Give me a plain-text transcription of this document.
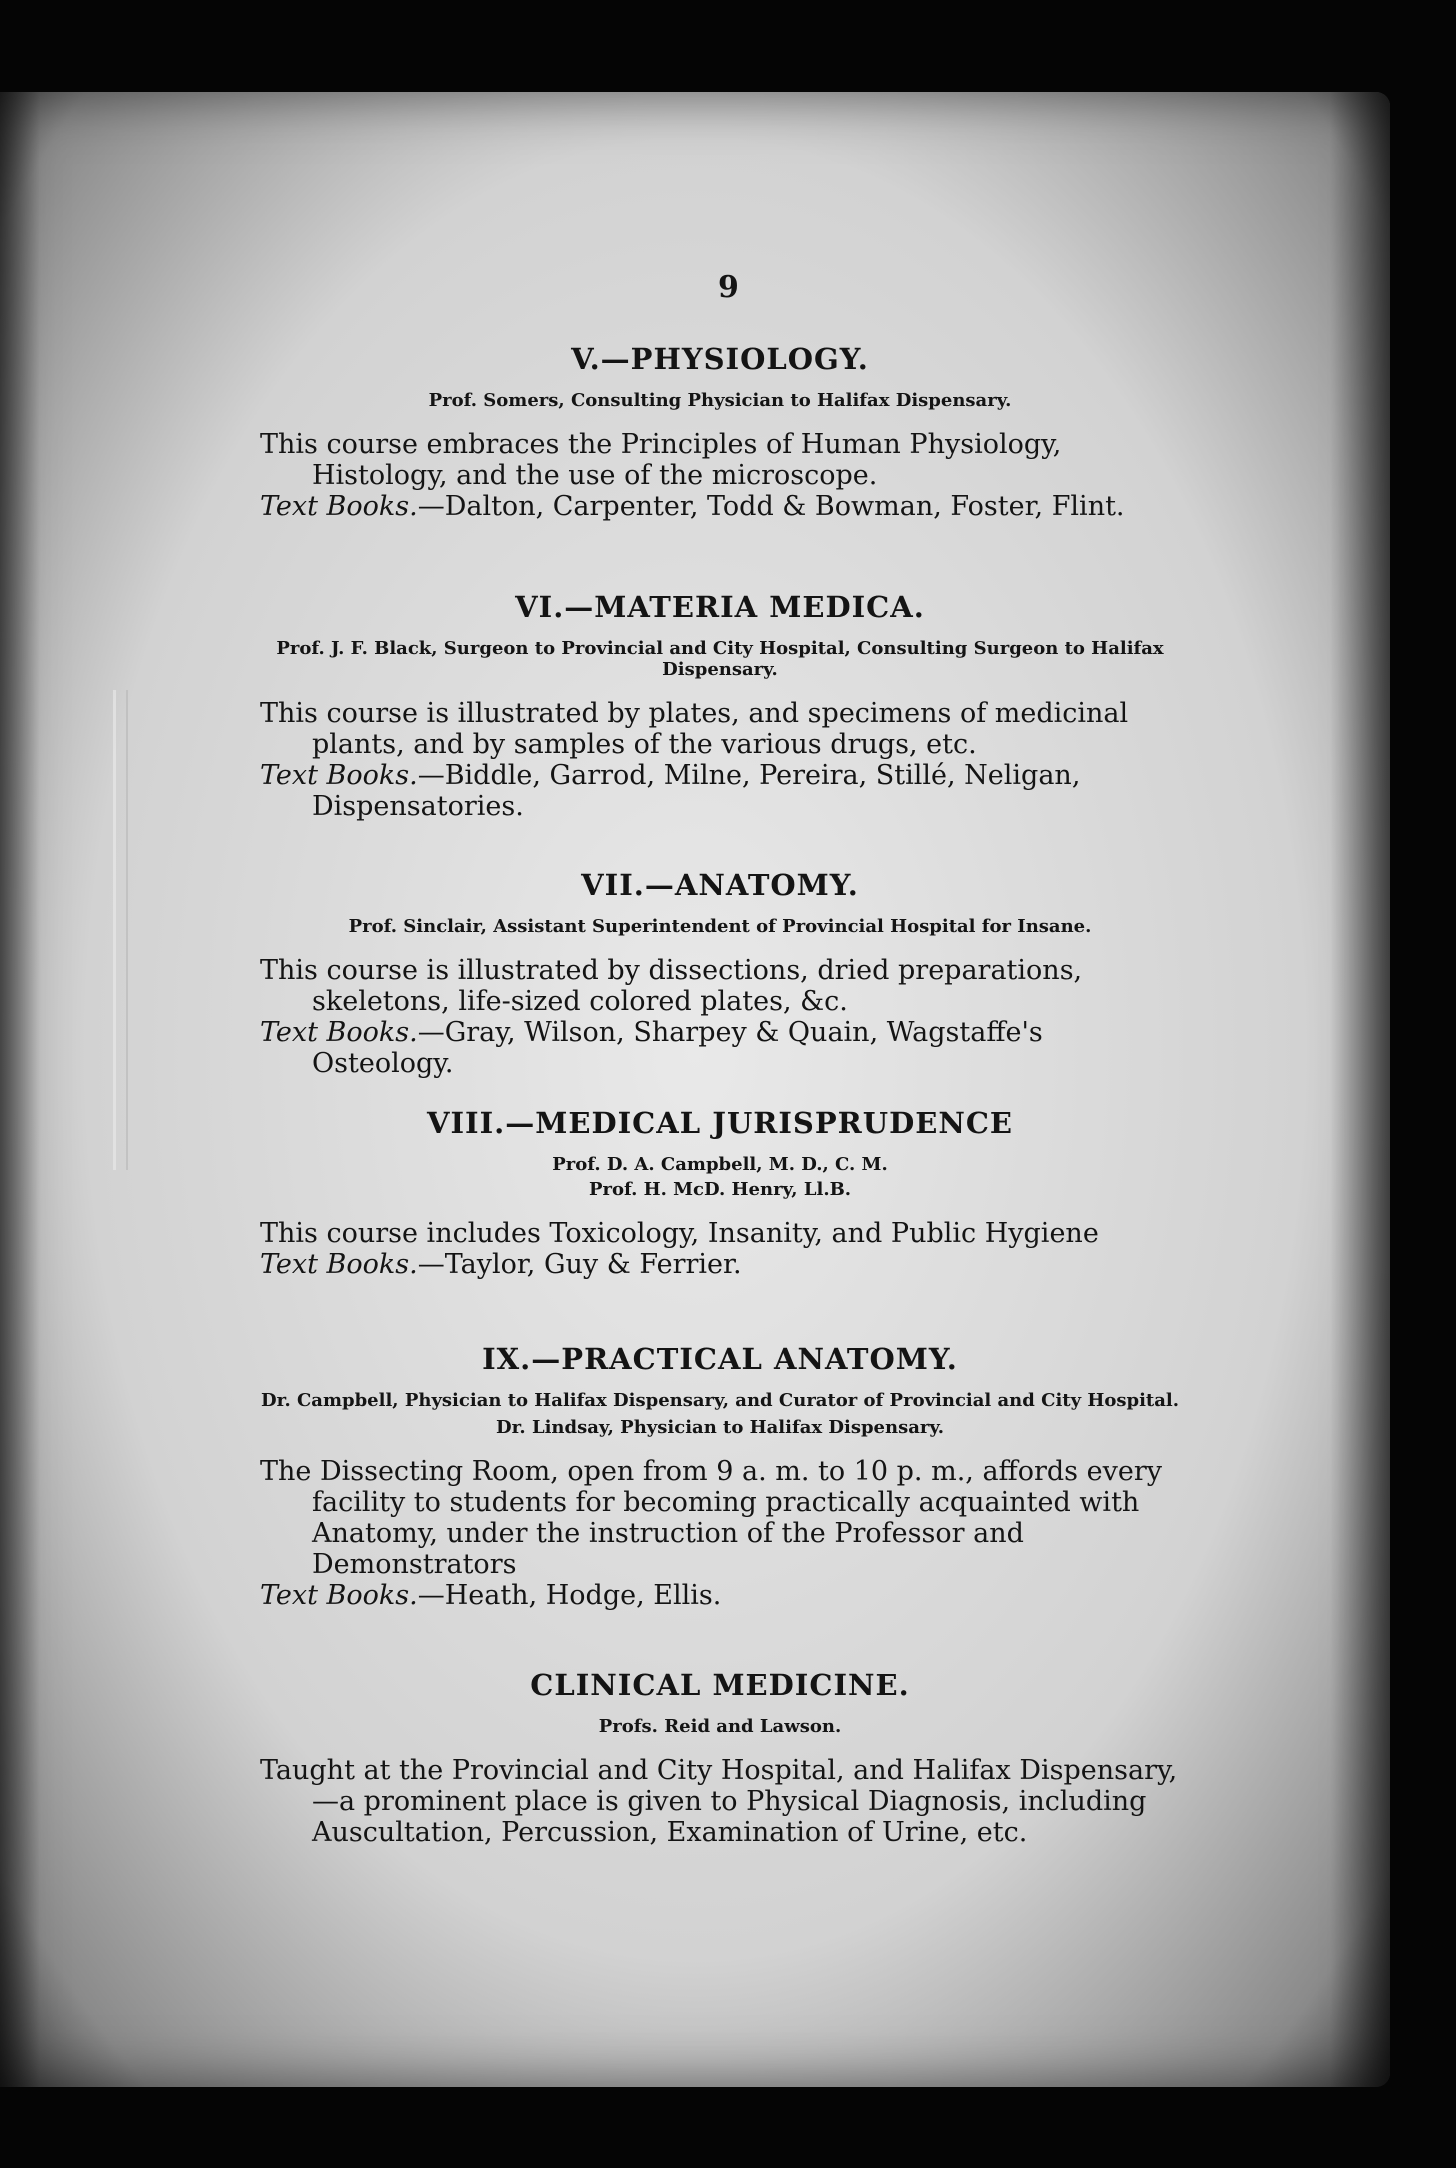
9
V.—PHYSIOLOGY.

Prof. Somers, Consulting Physician to Halifax Dispensary.

This course embraces the Principles of Human Physiology, Histology, and the use of the microscope.

Text Books.—Dalton, Carpenter, Todd & Bowman, Foster, Flint.

VI.—MATERIA MEDICA.

Prof. J. F. Black, Surgeon to Provincial and City Hospital, Consulting Surgeon to Halifax Dispensary.

This course is illustrated by plates, and specimens of medicinal plants, and by samples of the various drugs, etc.

Text Books.—Biddle, Garrod, Milne, Pereira, Stillé, Neligan, Dispensatories.

VII.—ANATOMY.

Prof. Sinclair, Assistant Superintendent of Provincial Hospital for Insane.

This course is illustrated by dissections, dried preparations, skeletons, life-sized colored plates, &c.

Text Books.—Gray, Wilson, Sharpey & Quain, Wagstaffe's Osteology.

VIII.—MEDICAL JURISPRUDENCE

Prof. D. A. Campbell, M. D., C. M.

Prof. H. McD. Henry, Ll.B.

This course includes Toxicology, Insanity, and Public Hygiene

Text Books.—Taylor, Guy & Ferrier.

IX.—PRACTICAL ANATOMY.

Dr. Campbell, Physician to Halifax Dispensary, and Curator of Provincial and City Hospital.

Dr. Lindsay, Physician to Halifax Dispensary.

The Dissecting Room, open from 9 a. m. to 10 p. m., affords every facility to students for becoming practically acquainted with Anatomy, under the instruction of the Professor and Demonstrators

Text Books.—Heath, Hodge, Ellis.

CLINICAL MEDICINE.

Profs. Reid and Lawson.

Taught at the Provincial and City Hospital, and Halifax Dispensary,—a prominent place is given to Physical Diagnosis, including Auscultation, Percussion, Examination of Urine, etc.
